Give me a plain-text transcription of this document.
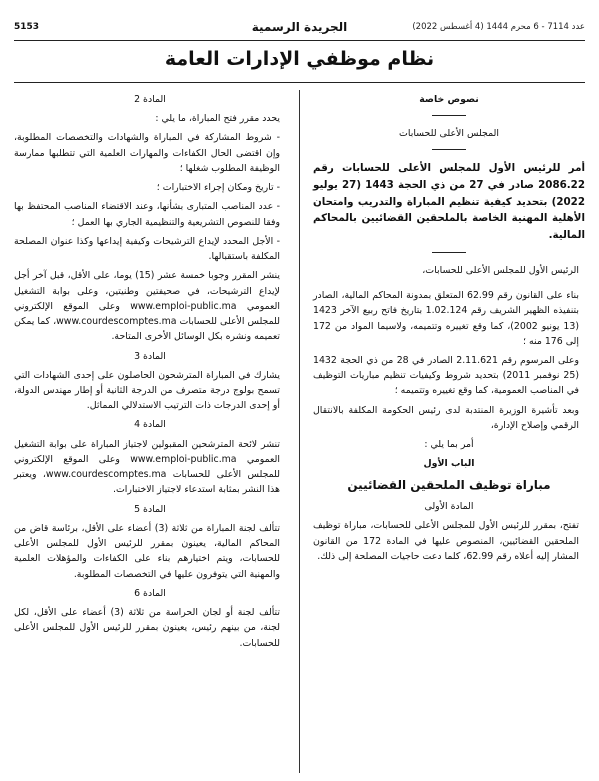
عدد 7114 - 6 محرم 1444 (4 أغسطس 2022)
الجريدة الرسمية
5153
نظام موظفي الإدارات العامة

نصوص خاصة

المجلس الأعلى للحسابات

أمر للرئيس الأول للمجلس الأعلى للحسابات رقم 2086.22 صادر في 27 من ذي الحجة 1443 (27 يوليو 2022) بتحديد كيفية تنظيم المباراة والتدريب وامتحان الأهلية المهنية الخاصة بالملحقين القضائيين بالمحاكم المالية.

الرئيس الأول للمجلس الأعلى للحسابات،

بناء على القانون رقم 62.99 المتعلق بمدونة المحاكم المالية، الصادر بتنفيذه الظهير الشريف رقم 1.02.124 بتاريخ فاتح ربيع الآخر 1423 (13 يونيو 2002)، كما وقع تغييره وتتميمه، ولاسيما المواد من 172 إلى 176 منه ؛

وعلى المرسوم رقم 2.11.621 الصادر في 28 من ذي الحجة 1432 (25 نوفمبر 2011) بتحديد شروط وكيفيات تنظيم مباريات التوظيف في المناصب العمومية، كما وقع تغييره وتتميمه ؛

وبعد تأشيرة الوزيرة المنتدبة لدى رئيس الحكومة المكلفة بالانتقال الرقمي وإصلاح الإدارة،

أمر بما يلي :

الباب الأول

مباراة توظيف الملحقين القضائيين

المادة الأولى

تفتح، بمقرر للرئيس الأول للمجلس الأعلى للحسابات، مباراة توظيف الملحقين القضائيين، المنصوص عليها في المادة 172 من القانون المشار إليه أعلاه رقم 62.99، كلما دعت حاجيات المصلحة إلى ذلك.

المادة 2

يحدد مقرر فتح المباراة، ما يلي :

- شروط المشاركة في المباراة والشهادات والتخصصات المطلوبة، وإن اقتضى الحال الكفاءات والمهارات العلمية التي تتطلبها ممارسة الوظيفة المطلوب شغلها ؛

- تاريخ ومكان إجراء الاختبارات ؛

- عدد المناصب المتبارى بشأنها، وعند الاقتضاء المناصب المحتفظ بها وفقا للنصوص التشريعية والتنظيمية الجاري بها العمل ؛

- الأجل المحدد لإيداع الترشيحات وكيفية إيداعها وكذا عنوان المصلحة المكلفة باستقبالها.

ينشر المقرر وجوبا خمسة عشر (15) يوما، على الأقل، قبل آخر أجل لإيداع الترشيحات، في صحيفتين وطنيتين، وعلى بوابة التشغيل العمومي www.emploi-public.ma وعلى الموقع الإلكتروني للمجلس الأعلى للحسابات www.courdescomptes.ma، كما يمكن تعميمه ونشره بكل الوسائل الأخرى المتاحة.

المادة 3

يشارك في المباراة المترشحون الحاصلون على إحدى الشهادات التي تسمح بولوج درجة متصرف من الدرجة الثانية أو إطار مهندس الدولة، أو إحدى الدرجات ذات الترتيب الاستدلالي المماثل.

المادة 4

تنشر لائحة المترشحين المقبولين لاجتياز المباراة على بوابة التشغيل العمومي www.emploi-public.ma وعلى الموقع الإلكتروني للمجلس الأعلى للحسابات www.courdescomptes.ma، ويعتبر هذا النشر بمثابة استدعاء لاجتياز الاختبارات.

المادة 5

تتألف لجنة المباراة من ثلاثة (3) أعضاء على الأقل، برئاسة قاض من المحاكم المالية، يعينون بمقرر للرئيس الأول للمجلس الأعلى للحسابات، ويتم اختيارهم بناء على الكفاءات والمؤهلات العلمية والمهنية التي يتوفرون عليها في التخصصات المطلوبة.

المادة 6

تتألف لجنة أو لجان الحراسة من ثلاثة (3) أعضاء على الأقل، لكل لجنة، من بينهم رئيس، يعينون بمقرر للرئيس الأول للمجلس الأعلى للحسابات.
